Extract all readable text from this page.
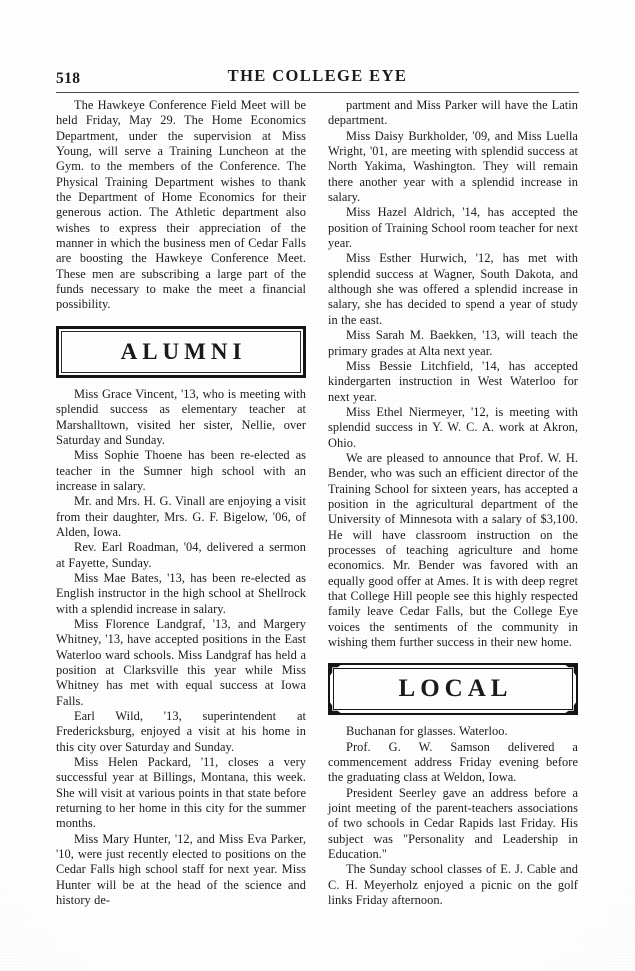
518	THE COLLEGE EYE

The Hawkeye Conference Field Meet will be held Friday, May 29. The Home Economics Department, under the supervision at Miss Young, will serve a Training Luncheon at the Gym. to the members of the Conference. The Physical Training Department wishes to thank the Department of Home Economics for their generous action. The Athletic department also wishes to express their appreciation of the manner in which the business men of Cedar Falls are boosting the Hawkeye Conference Meet. These men are subscribing a large part of the funds necessary to make the meet a financial possibility.

ALUMNI

Miss Grace Vincent, '13, who is meeting with splendid success as elementary teacher at Marshalltown, visited her sister, Nellie, over Saturday and Sunday.

Miss Sophie Thoene has been re-elected as teacher in the Sumner high school with an increase in salary.

Mr. and Mrs. H. G. Vinall are enjoying a visit from their daughter, Mrs. G. F. Bigelow, '06, of Alden, Iowa.

Rev. Earl Roadman, '04, delivered a sermon at Fayette, Sunday.

Miss Mae Bates, '13, has been re-elected as English instructor in the high school at Shellrock with a splendid increase in salary.

Miss Florence Landgraf, '13, and Margery Whitney, '13, have accepted positions in the East Waterloo ward schools. Miss Landgraf has held a position at Clarksville this year while Miss Whitney has met with equal success at Iowa Falls.

Earl Wild, '13, superintendent at Fredericksburg, enjoyed a visit at his home in this city over Saturday and Sunday.

Miss Helen Packard, '11, closes a very successful year at Billings, Montana, this week. She will visit at various points in that state before returning to her home in this city for the summer months.

Miss Mary Hunter, '12, and Miss Eva Parker, '10, were just recently elected to positions on the Cedar Falls high school staff for next year. Miss Hunter will be at the head of the science and history de-

partment and Miss Parker will have the Latin department.

Miss Daisy Burkholder, '09, and Miss Luella Wright, '01, are meeting with splendid success at North Yakima, Washington. They will remain there another year with a splendid increase in salary.

Miss Hazel Aldrich, '14, has accepted the position of Training School room teacher for next year.

Miss Esther Hurwich, '12, has met with splendid success at Wagner, South Dakota, and although she was offered a splendid increase in salary, she has decided to spend a year of study in the east.

Miss Sarah M. Baekken, '13, will teach the primary grades at Alta next year.

Miss Bessie Litchfield, '14, has accepted kindergarten instruction in West Waterloo for next year.

Miss Ethel Niermeyer, '12, is meeting with splendid success in Y. W. C. A. work at Akron, Ohio.

We are pleased to announce that Prof. W. H. Bender, who was such an efficient director of the Training School for sixteen years, has accepted a position in the agricultural department of the University of Minnesota with a salary of $3,100. He will have classroom instruction on the processes of teaching agriculture and home economics. Mr. Bender was favored with an equally good offer at Ames. It is with deep regret that College Hill people see this highly respected family leave Cedar Falls, but the College Eye voices the sentiments of the community in wishing them further success in their new home.

LOCAL

Buchanan for glasses. Waterloo.

Prof. G. W. Samson delivered a commencement address Friday evening before the graduating class at Weldon, Iowa.

President Seerley gave an address before a joint meeting of the parent-teachers associations of two schools in Cedar Rapids last Friday. His subject was "Personality and Leadership in Education."

The Sunday school classes of E. J. Cable and C. H. Meyerholz enjoyed a picnic on the golf links Friday afternoon.
